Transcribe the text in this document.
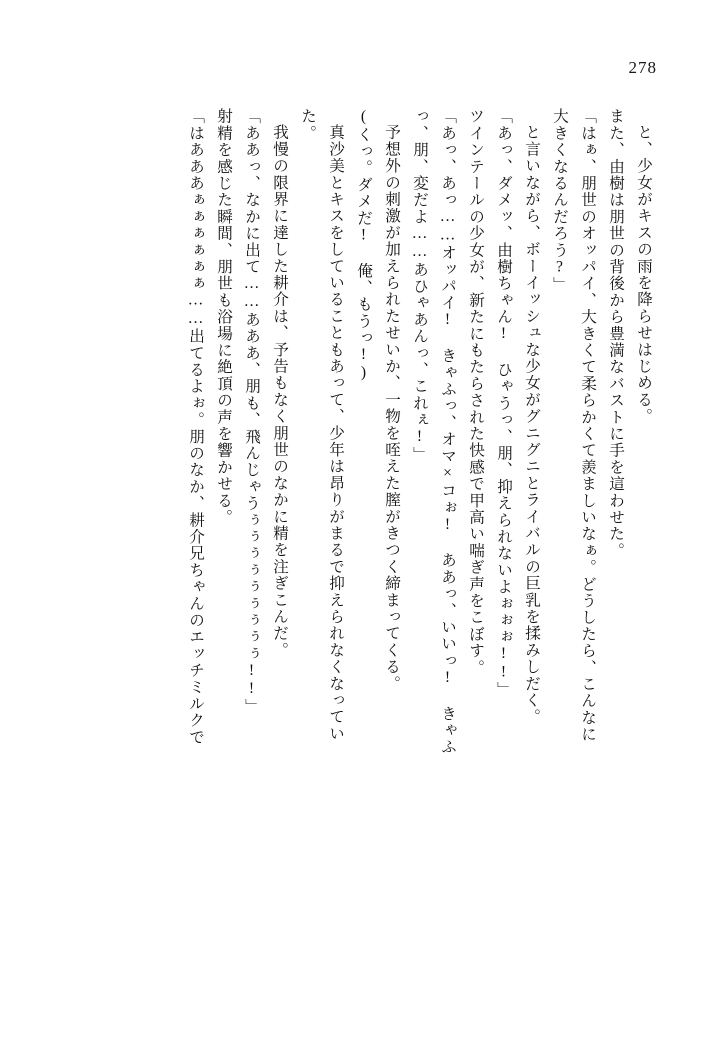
278
と、少女がキスの雨を降らせはじめる。
また、由樹は朋世の背後から豊満なバストに手を這わせた。
「はぁ、朋世のオッパイ、大きくて柔らかくて羨ましいなぁ。どうしたら、こんなに
大きくなるんだろう?」
と言いながら、ボーイッシュな少女がグニグニとライバルの巨乳を揉みしだく。
「あっ、ダメッ、由樹ちゃん! ひゃうっ、朋、抑えられないよぉぉぉ!!」
ツインテールの少女が、新たにもたらされた快感で甲高い喘ぎ声をこぼす。
「あっ、あっ……オッパイ! きゃふっ、オマ×コぉ! ああっ、いいっ! きゃふ
っ、朋、変だよ……あひゃあんっ、これぇ!」
予想外の刺激が加えられたせいか、一物を咥えた膣がきつく締まってくる。
(くっ。ダメだ! 俺、もうっ!)
真沙美とキスをしていることもあって、少年は昂りがまるで抑えられなくなってい
た。
我慢の限界に達した耕介は、予告もなく朋世のなかに精を注ぎこんだ。
「ああっ、なかに出て……あああ、朋も、飛んじゃうぅぅぅぅぅぅぅぅぅ!!」
射精を感じた瞬間、朋世も浴場に絶頂の声を響かせる。
「はあああぁぁぁぁぁぁ……出てるよぉ。朋のなか、耕介兄ちゃんのエッチミルクで
